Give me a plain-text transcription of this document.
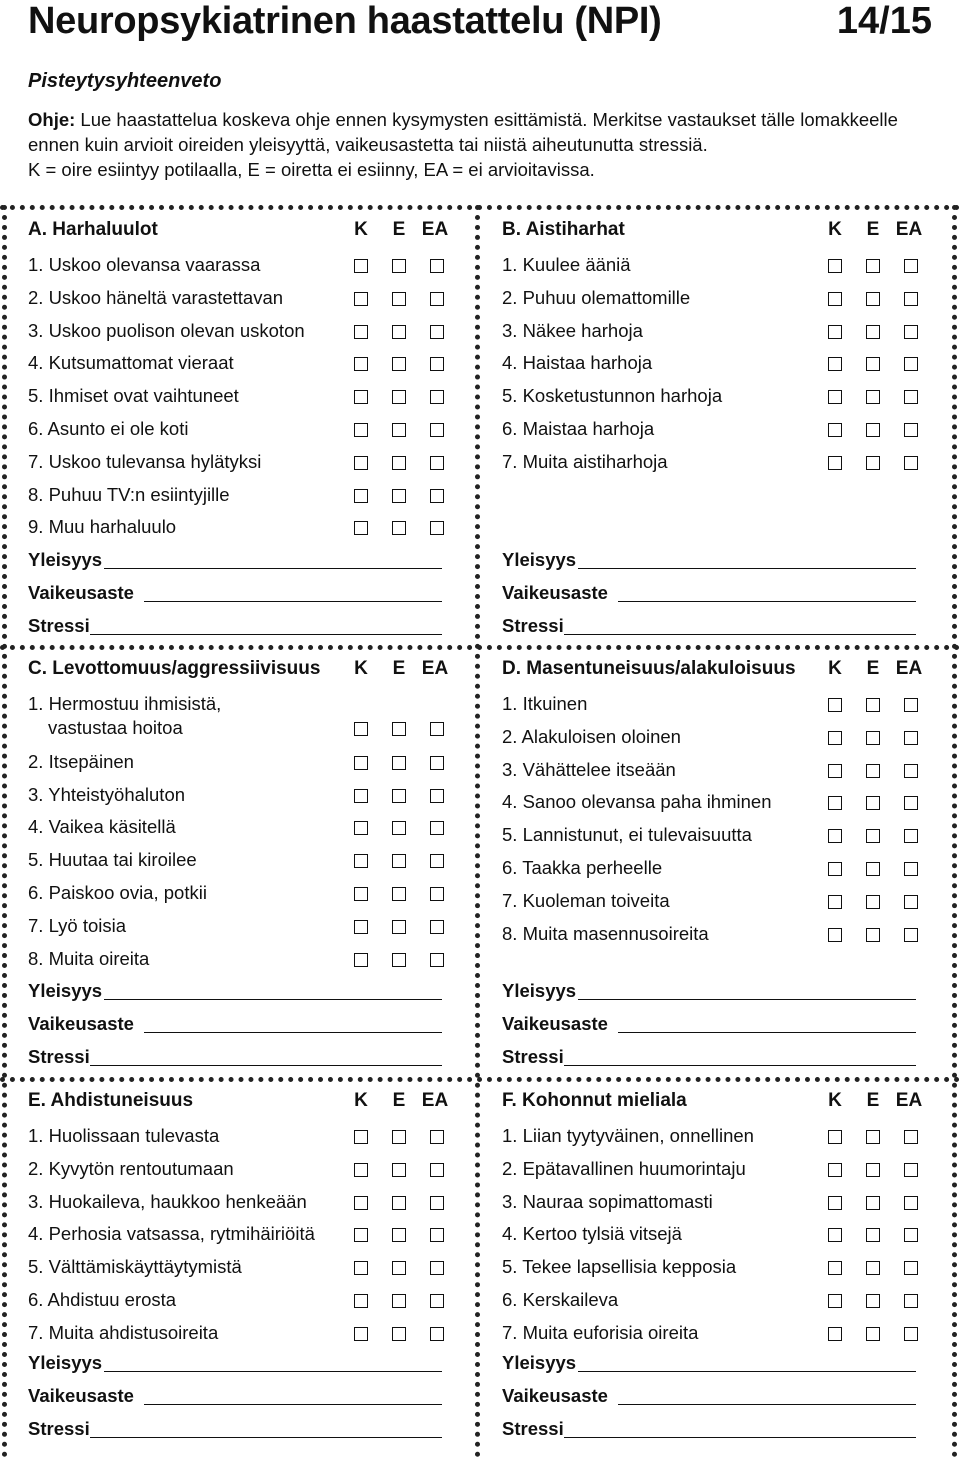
Neuropsykiatrinen haastattelu (NPI)	14/15
Pisteytysyhteenveto
Ohje: Lue haastattelua koskeva ohje ennen kysymysten esittämistä. Merkitse vastaukset tälle lomakkeelle
ennen kuin arvioit oireiden yleisyyttä, vaikeusastetta tai niistä aiheutunutta stressiä.
K = oire esiintyy potilaalla, E = oiretta ei esiinny, EA = ei arvioitavissa.
A. Harhaluulot	K	E EA
1. Uskoo olevansa vaarassa
2. Uskoo häneltä varastettavan
3. Uskoo puolison olevan uskoton
4. Kutsumattomat vieraat
5. Ihmiset ovat vaihtuneet
6. Asunto ei ole koti
7. Uskoo tulevansa hylätyksi
8. Puhuu TV:n esiintyjille
9. Muu harhaluulo
Yleisyys
Vaikeusaste
Stressi
B. Aistiharhat	K	E EA
1. Kuulee ääniä
2. Puhuu olemattomille
3. Näkee harhoja
4. Haistaa harhoja
5. Kosketustunnon harhoja
6. Maistaa harhoja
7. Muita aistiharhoja
Yleisyys
Vaikeusaste
Stressi
C. Levottomuus/aggressiivisuus	K	E EA
1. Hermostuu ihmisistä,
vastustaa hoitoa
2. Itsepäinen
3. Yhteistyöhaluton
4. Vaikea käsitellä
5. Huutaa tai kiroilee
6. Paiskoo ovia, potkii
7. Lyö toisia
8. Muita oireita
Yleisyys
Vaikeusaste
Stressi
D. Masentuneisuus/alakuloisuus	K	E EA
1. Itkuinen
2. Alakuloisen oloinen
3. Vähättelee itseään
4. Sanoo olevansa paha ihminen
5. Lannistunut, ei tulevaisuutta
6. Taakka perheelle
7. Kuoleman toiveita
8. Muita masennusoireita
Yleisyys
Vaikeusaste
Stressi
E. Ahdistuneisuus	K	E EA
1. Huolissaan tulevasta
2. Kyvytön rentoutumaan
3. Huokaileva, haukkoo henkeään
4. Perhosia vatsassa, rytmihäiriöitä
5. Välttämiskäyttäytymistä
6. Ahdistuu erosta
7. Muita ahdistusoireita
Yleisyys
Vaikeusaste
Stressi
F. Kohonnut mieliala	K	E EA
1. Liian tyytyväinen, onnellinen
2. Epätavallinen huumorintaju
3. Nauraa sopimattomasti
4. Kertoo tylsiä vitsejä
5. Tekee lapsellisia kepposia
6. Kerskaileva
7. Muita euforisia oireita
Yleisyys
Vaikeusaste
Stressi
